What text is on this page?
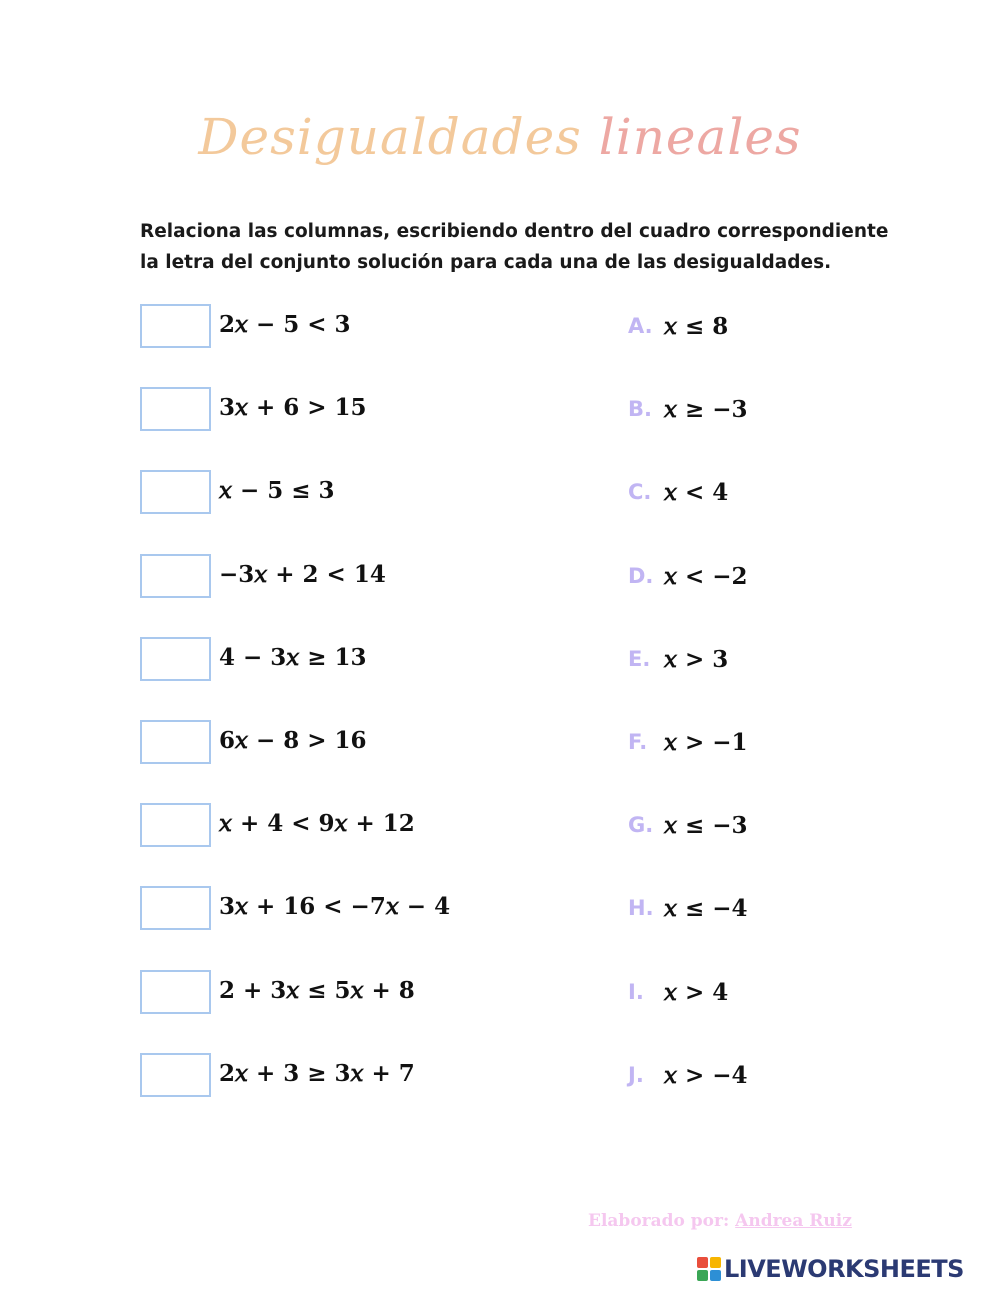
Desigualdades lineales
Relaciona las columnas, escribiendo dentro del cuadro correspondiente
la letra del conjunto solución para cada una de las desigualdades.
2𝑥 − 5 < 3
3𝑥 + 6 > 15
𝑥 − 5 ≤ 3
−3𝑥 + 2 < 14
4 − 3𝑥 ≥ 13
6𝑥 − 8 > 16
𝑥 + 4 < 9𝑥 + 12
3𝑥 + 16 < −7𝑥 − 4
2 + 3𝑥 ≤ 5𝑥 + 8
2𝑥 + 3 ≥ 3𝑥 + 7
A. 𝑥 ≤ 8
B. 𝑥 ≥ −3
C. 𝑥 < 4
D. 𝑥 < −2
E. 𝑥 > 3
F. 𝑥 > −1
G. 𝑥 ≤ −3
H. 𝑥 ≤ −4
I. 𝑥 > 4
J. 𝑥 > −4
Elaborado por: Andrea Ruiz
LIVEWORKSHEETS
